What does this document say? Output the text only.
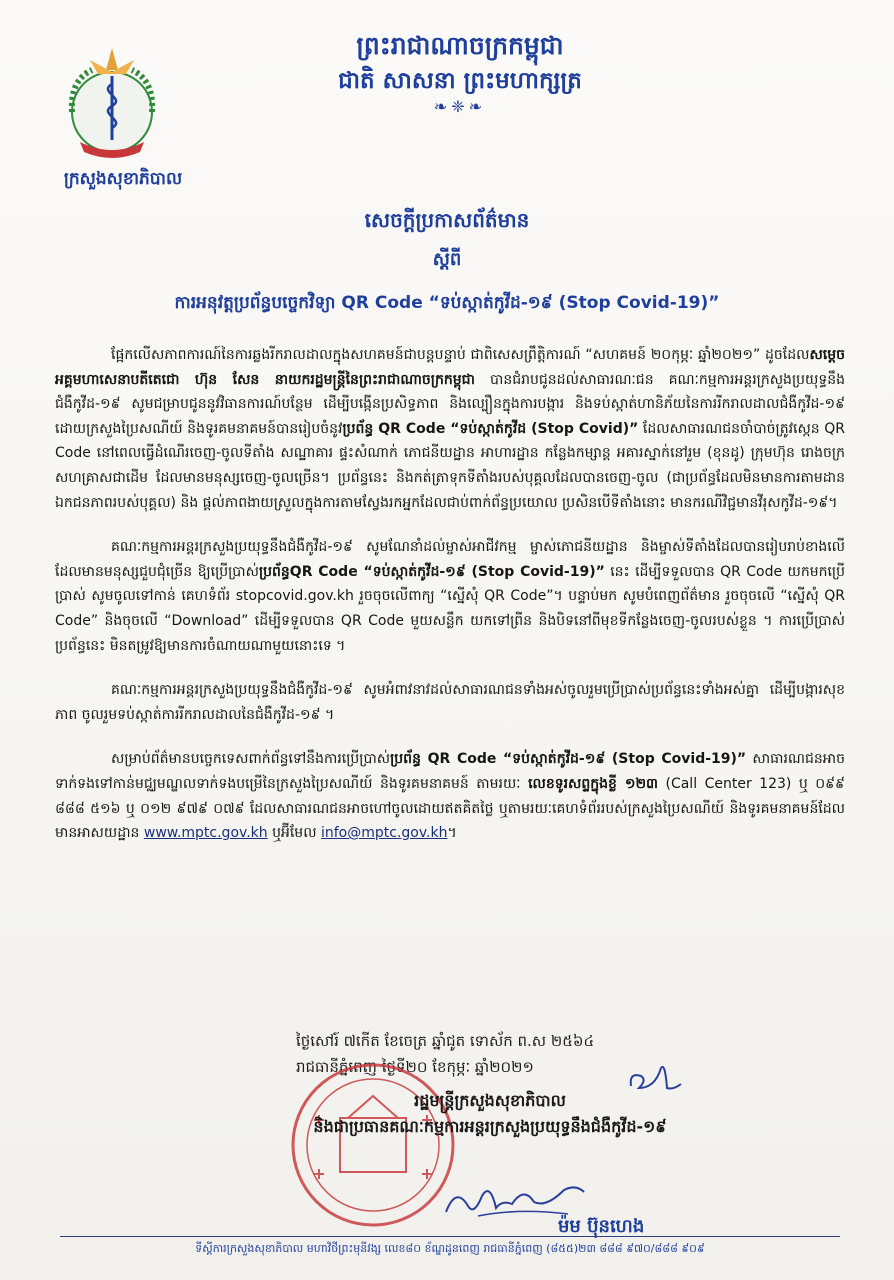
ក្រសួងសុខាភិបាល
ព្រះរាជាណាចក្រកម្ពុជា
ជាតិ សាសនា ព្រះមហាក្សត្រ
❧❈❧
សេចក្តីប្រកាសព័ត៌មាន
ស្តីពី
ការអនុវត្តប្រព័ន្ធបច្ចេកវិទ្យា QR Code “ទប់ស្កាត់កូវីដ-១៩ (Stop Covid-19)”

ផ្អែកលើសភាពការណ៍នៃការឆ្លងរីករាលដាលក្នុងសហគមន៍ជាបន្តបន្ទាប់ ជាពិសេសព្រឹត្តិការណ៍ “សហគមន៍ ២០កុម្ភៈ ឆ្នាំ២០២១” ដូចដែលសម្តេចអគ្គមហាសេនាបតីតេជោ ហ៊ុន សែន នាយករដ្ឋមន្ត្រីនៃព្រះរាជាណាចក្រកម្ពុជា បានជំរាបជូនដល់សាធារណៈជន គណៈកម្មការអន្តរក្រសួងប្រយុទ្ធនឹងជំងឺកូវីដ-១៩ សូមជម្រាបជូននូវវិធានការណ៍បន្ថែម ដើម្បីបង្កើនប្រសិទ្ធភាព និងល្បឿនក្នុងការបង្ការ និងទប់ស្កាត់ហានិភ័យនៃការរីករាលដាលជំងឺកូវីដ-១៩ ដោយក្រសួងប្រៃសណីយ៍ និងទូរគមនាគមន៍បានរៀបចំនូវប្រព័ន្ធ QR Code “ទប់ស្កាត់កូវីដ (Stop Covid)” ដែលសាធារណជនចាំបាច់ត្រូវស្កេន QR Code នៅពេលធ្វើដំណើរចេញ-ចូលទីតាំង សណ្ឋាគារ ផ្ទះសំណាក់ ភោជនីយដ្ឋាន អាហារដ្ឋាន កន្លែងកម្សាន្ត អគារស្នាក់នៅរួម (ខុនដូ) ក្រុមហ៊ុន រោងចក្រ សហគ្រាសជាដើម ដែលមានមនុស្សចេញ-ចូលច្រើន។ ប្រព័ន្ធនេះ និងកត់ត្រាទុកទីតាំងរបស់បុគ្គលដែលបានចេញ-ចូល (ជាប្រព័ន្ធដែលមិនមានការតាមដានឯកជនភាពរបស់បុគ្គល) និង ផ្តល់ភាពងាយស្រួលក្នុងការតាមស្វែងរកអ្នកដែលជាប់ពាក់ព័ន្ធប្រយោល ប្រសិនបើទីតាំងនោះ មានករណីវិជ្ជមានវីរុសកូវីដ-១៩។

គណៈកម្មការអន្តរក្រសួងប្រយុទ្ធនឹងជំងឺកូវីដ-១៩ សូមណែនាំដល់ម្ចាស់អាជីវកម្ម ម្ចាស់ភោជនីយដ្ឋាន និងម្ចាស់ទីតាំងដែលបានរៀបរាប់ខាងលើដែលមានមនុស្សជួបជុំច្រើន ឱ្យប្រើប្រាស់ប្រព័ន្ធQR Code “ទប់ស្កាត់កូវីដ-១៩ (Stop Covid-19)” នេះ ដើម្បីទទួលបាន QR Code យកមកប្រើប្រាស់ សូមចូលទៅកាន់ គេហទំព័រ stopcovid.gov.kh រួចចុចលើពាក្យ “ស្នើសុំ QR Code”។ បន្ទាប់មក សូមបំពេញព័ត៌មាន រួចចុចលើ “ស្នើសុំ QR Code” និងចុចលើ “Download” ដើម្បីទទួលបាន QR Code មួយសន្លឹក យកទៅព្រីន និងបិទនៅពីមុខទីកន្លែងចេញ-ចូលរបស់ខ្លួន ។ ការប្រើប្រាស់ប្រព័ន្ធនេះ មិនតម្រូវឱ្យមានការចំណាយណាមួយនោះទេ ។

គណៈកម្មការអន្តរក្រសួងប្រយុទ្ធនឹងជំងឺកូវីដ-១៩ សូមអំពាវនាវដល់សាធារណជនទាំងអស់ចូលរួមប្រើប្រាស់ប្រព័ន្ធនេះទាំងអស់គ្នា ដើម្បីបង្ការសុខភាព ចូលរួមទប់ស្កាត់ការរីករាលដាលនៃជំងឺកូវីដ-១៩ ។

សម្រាប់ព័ត៌មានបច្ចេកទេសពាក់ព័ន្ធទៅនឹងការប្រើប្រាស់ប្រព័ន្ធ QR Code “ទប់ស្កាត់កូវីដ-១៩ (Stop Covid-19)” សាធារណជនអាចទាក់ទងទៅកាន់មជ្ឈមណ្ឌលទាក់ទងបម្រើនៃក្រសួងប្រៃសណីយ៍ និងទូរគមនាគមន៍ តាមរយៈ លេខទូរសព្ទក្នុងខ្លី ១២៣ (Call Center 123) ឬ ០៩៩ ៨៨៨ ៥១៦ ឬ ០១២ ៩៧៩ ០៧៩ ដែលសាធារណជនអាចហៅចូលដោយឥតគិតថ្លៃ ឬតាមរយៈគេហទំព័ររបស់ក្រសួងប្រៃសណីយ៍ និងទូរគមនាគមន៍ដែលមានអាសយដ្ឋាន www.mptc.gov.kh ឬអ៊ីមែល info@mptc.gov.kh។

ថ្ងៃសៅរ៍ ៧កើត ខែចេត្រ ឆ្នាំជូត ទោស័ក ព.ស ២៥៦៤
រាជធានីភ្នំពេញ ថ្ងៃទី២០ ខែកុម្ភៈ ឆ្នាំ២០២១
រដ្ឋមន្ត្រីក្រសួងសុខាភិបាល
និងជាប្រធានគណៈកម្មការអន្តរក្រសួងប្រយុទ្ធនឹងជំងឺកូវីដ-១៩
ម៉ម ប៊ុនហេង
ទីស្តីការក្រសួងសុខាភិបាល មហាវិថីព្រះមុនីវង្ស លេខ៨០ ខ័ណ្ឌដូនពេញ រាជធានីភ្នំពេញ (៨៥៥)២៣ ៨៨៨ ៩៧០/៨៨៨ ៩០៩
